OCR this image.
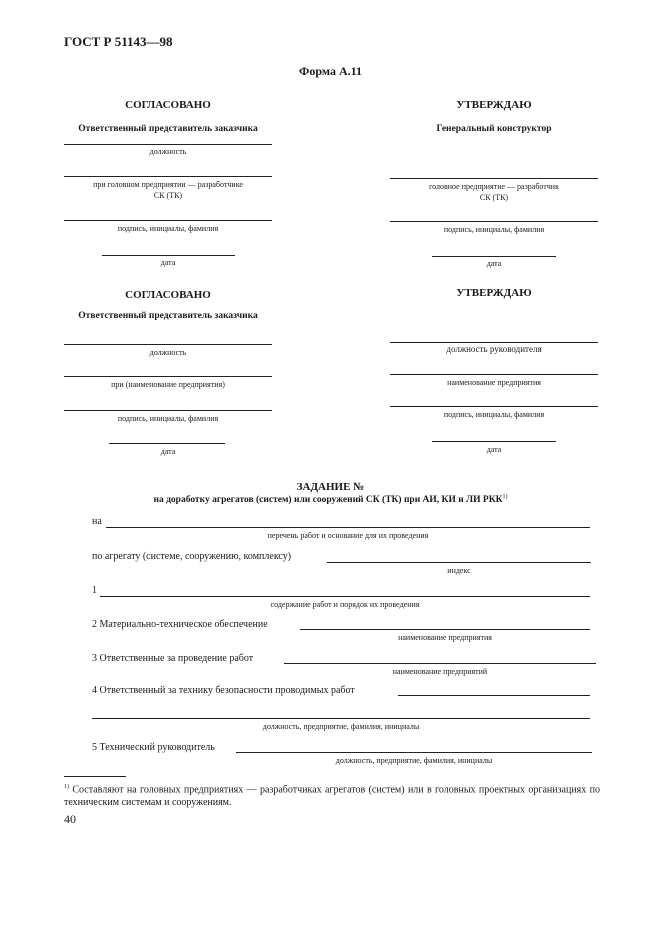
ГОСТ Р 51143—98
Форма А.11
СОГЛАСОВАНО
Ответственный представитель заказчика
должность
при головном предприятии — разработчике
СК (ТК)
подпись, инициалы, фамилия
дата
УТВЕРЖДАЮ
Генеральный конструктор
головное предприятие — разработчик
СК (ТК)
подпись, инициалы, фамилия
дата
СОГЛАСОВАНО
Ответственный представитель заказчика
должность
при (наименование предприятия)
подпись, инициалы, фамилия
дата
УТВЕРЖДАЮ
должность руководителя
наименование предприятия
подпись, инициалы, фамилия
дата
ЗАДАНИЕ №
на доработку агрегатов (систем) или сооружений СК (ТК) при АИ, КИ и ЛИ РКК$^{1)}$
на
перечень работ и основание для их проведения
по агрегату (системе, сооружению, комплексу)
индекс
1
содержание работ и порядок их проведения
2 Материально-техническое обеспечение
наименование предприятия
3 Ответственные за проведение работ
наименование предприятий
4 Ответственный за технику безопасности проводимых работ
должность, предприятие, фамилия, инициалы
5 Технический руководитель
должность, предприятие, фамилия, инициалы
$^{1)}$ Составляют на головных предприятиях — разработчиках агрегатов (систем) или в головных проектных организациях по техническим системам и сооружениям.
40
